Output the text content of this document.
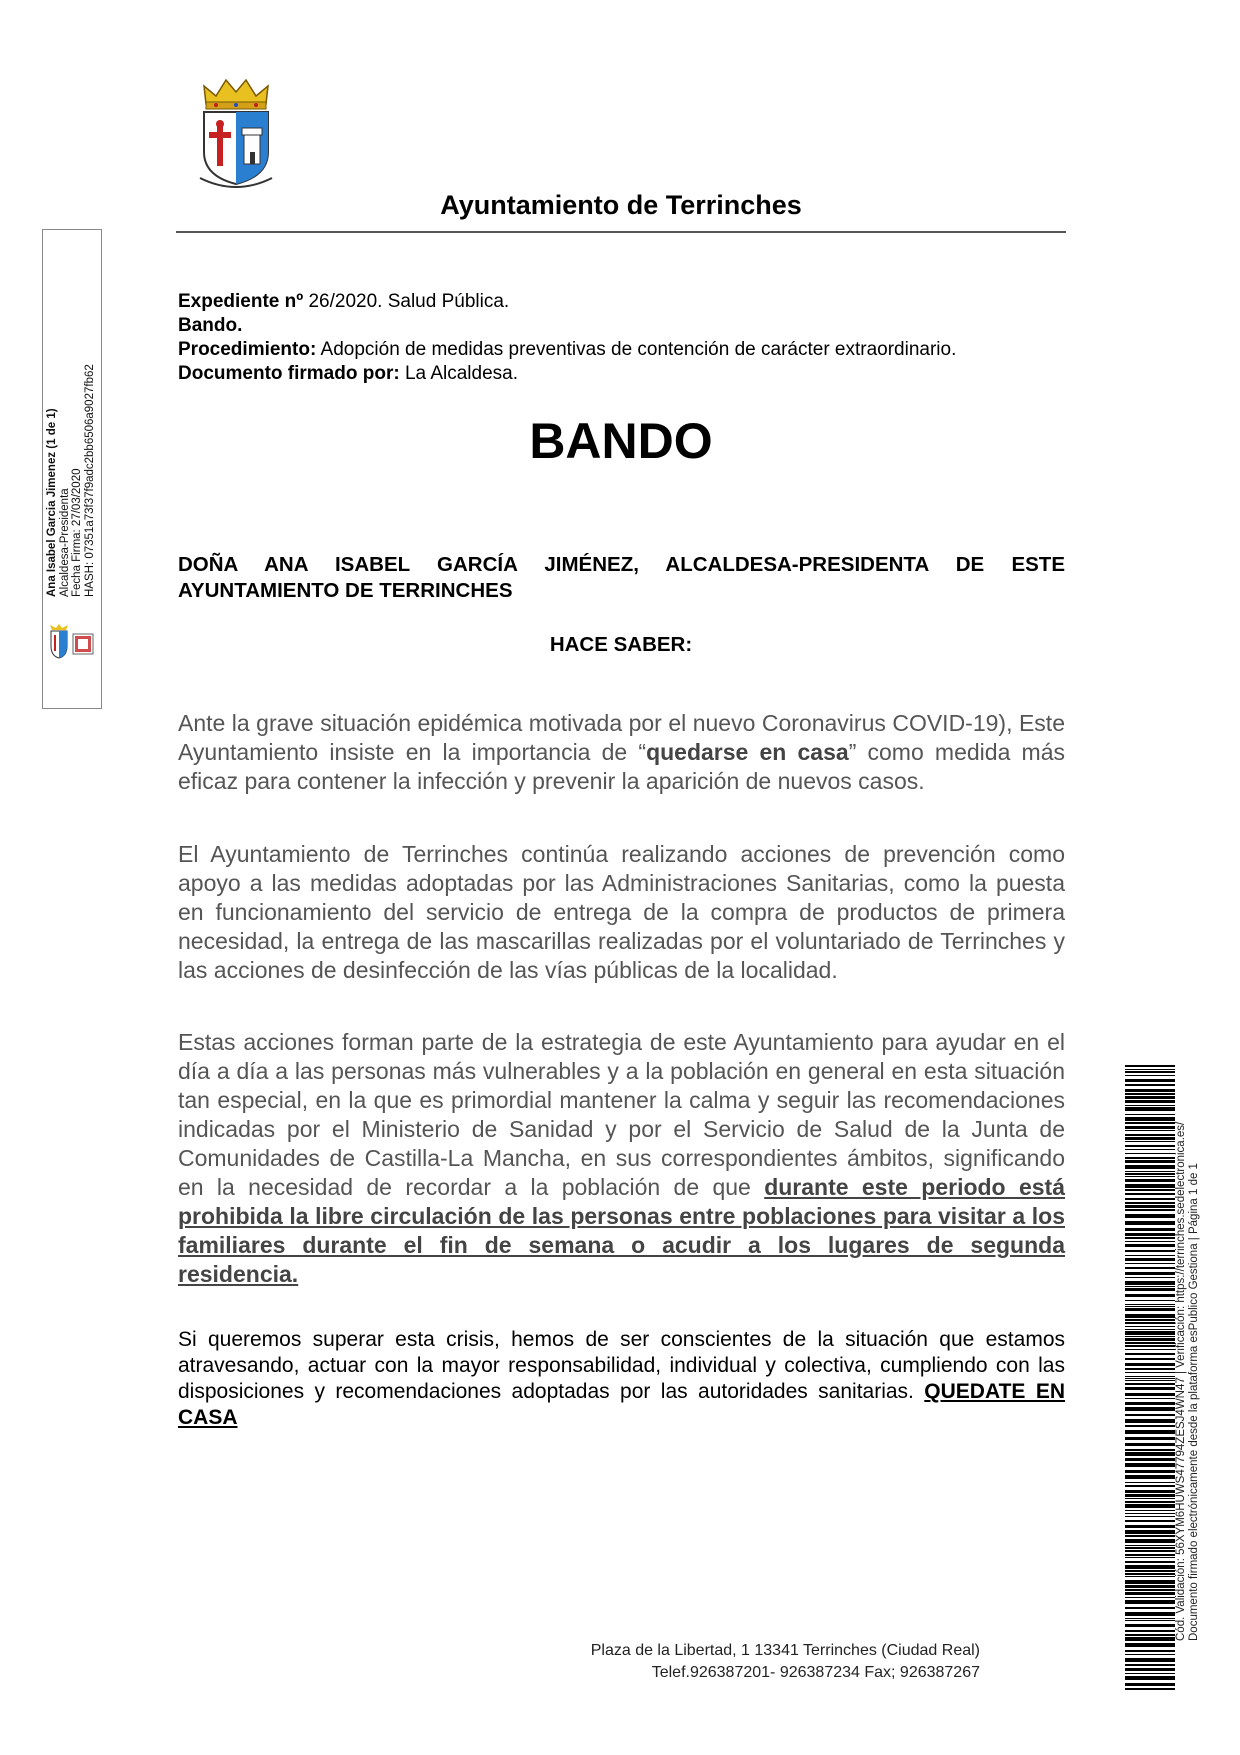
Ayuntamiento de Terrinches
Expediente nº 26/2020. Salud Pública.
Bando.
Procedimiento: Adopción de medidas preventivas de contención de carácter extraordinario.
Documento firmado por: La Alcaldesa.
BANDO
DOÑA ANA ISABEL GARCÍA JIMÉNEZ, ALCALDESA-PRESIDENTA DE ESTE AYUNTAMIENTO DE TERRINCHES
HACE SABER:
Ante la grave situación epidémica motivada por el nuevo Coronavirus COVID-19), Este Ayuntamiento insiste en la importancia de “quedarse en casa” como medida más eficaz para contener la infección y prevenir la aparición de nuevos casos.
El Ayuntamiento de Terrinches continúa realizando acciones de prevención como apoyo a las medidas adoptadas por las Administraciones Sanitarias, como la puesta en funcionamiento del servicio de entrega de la compra de productos de primera necesidad, la entrega de las mascarillas realizadas por el voluntariado de Terrinches y las acciones de desinfección de las vías públicas de la localidad.
Estas acciones forman parte de la estrategia de este Ayuntamiento para ayudar en el día a día a las personas más vulnerables y a la población en general en esta situación tan especial, en la que es primordial mantener la calma y seguir las recomendaciones indicadas por el Ministerio de Sanidad y por el Servicio de Salud de la Junta de Comunidades de Castilla-La Mancha, en sus correspondientes ámbitos, significando en la necesidad de recordar a la población de que durante este periodo está prohibida la libre circulación de las personas entre poblaciones para visitar a los familiares durante el fin de semana o acudir a los lugares de segunda residencia.
Si queremos superar esta crisis, hemos de ser conscientes de la situación que estamos atravesando, actuar con la mayor responsabilidad, individual y colectiva, cumpliendo con las disposiciones y recomendaciones adoptadas por las autoridades sanitarias. QUEDATE EN CASA
Plaza de la Libertad, 1 13341 Terrinches (Ciudad Real)
Telef.926387201- 926387234 Fax; 926387267
Ana Isabel Garcia Jimenez (1 de 1) Alcaldesa-Presidenta Fecha Firma: 27/03/2020 HASH: 07351a73f37f9adc2bb6506a9027fb62
Cód. Validación: 56XYM6HUWS47794ZESJ4WN47 | Verificación: https://terrinches.sedelectronica.es/ Documento firmado electrónicamente desde la plataforma esPublico Gestiona | Página 1 de 1
